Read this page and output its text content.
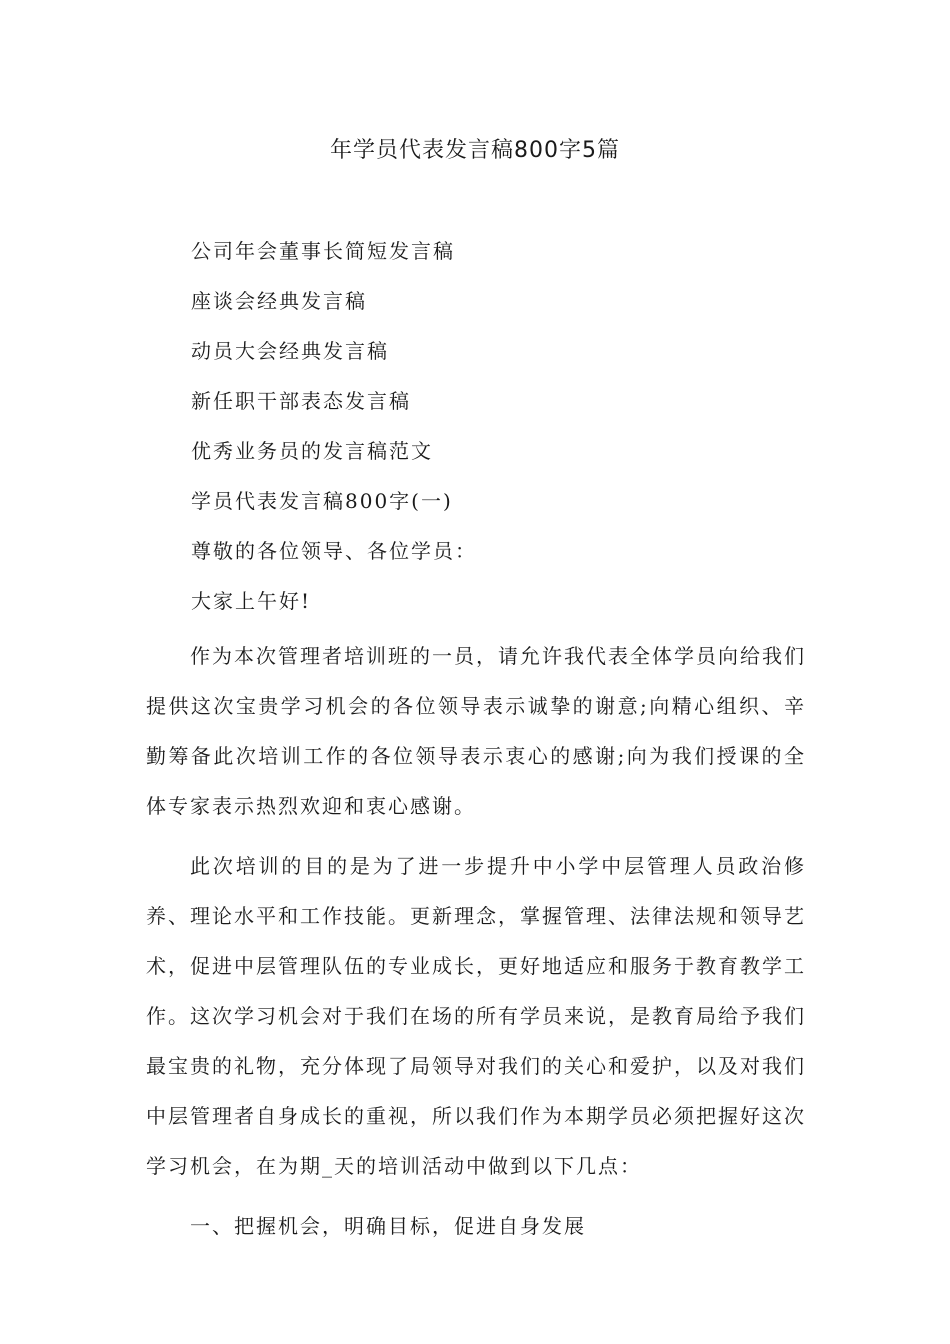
年学员代表发言稿800字5篇
公司年会董事长简短发言稿
座谈会经典发言稿
动员大会经典发言稿
新任职干部表态发言稿
优秀业务员的发言稿范文
学员代表发言稿800字(一)
尊敬的各位领导、各位学员：
大家上午好!

作为本次管理者培训班的一员，请允许我代表全体学员向给我们提供这次宝贵学习机会的各位领导表示诚挚的谢意;向精心组织、辛勤筹备此次培训工作的各位领导表示衷心的感谢;向为我们授课的全体专家表示热烈欢迎和衷心感谢。

此次培训的目的是为了进一步提升中小学中层管理人员政治修养、理论水平和工作技能。更新理念，掌握管理、法律法规和领导艺术，促进中层管理队伍的专业成长，更好地适应和服务于教育教学工作。这次学习机会对于我们在场的所有学员来说，是教育局给予我们最宝贵的礼物，充分体现了局领导对我们的关心和爱护，以及对我们中层管理者自身成长的重视，所以我们作为本期学员必须把握好这次学习机会，在为期_天的培训活动中做到以下几点：

一、把握机会，明确目标，促进自身发展
